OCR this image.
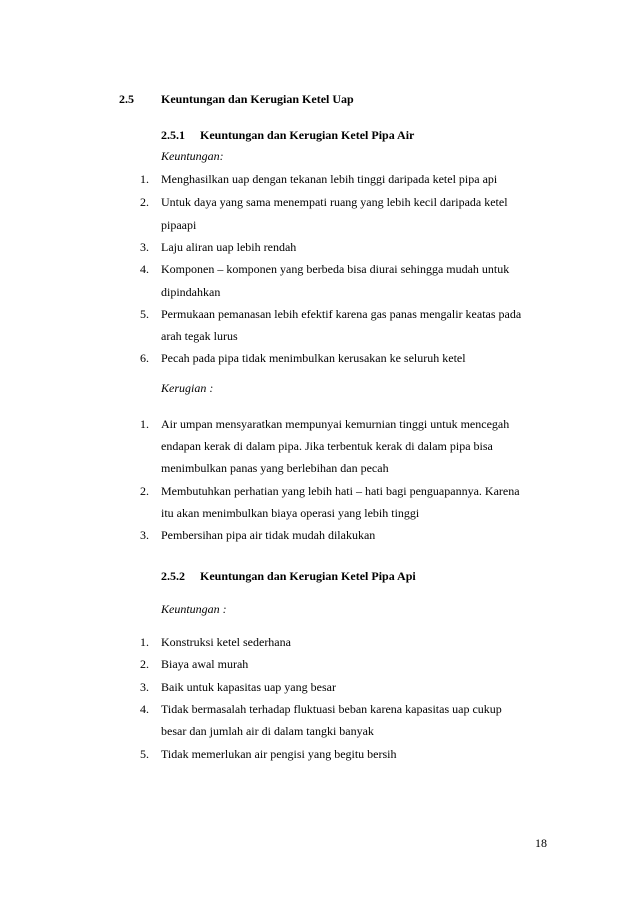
2.5 Keuntungan dan Kerugian Ketel Uap
2.5.1 Keuntungan dan Kerugian Ketel Pipa Air
Keuntungan:
1. Menghasilkan uap dengan tekanan lebih tinggi daripada ketel pipa api
2. Untuk daya yang sama menempati ruang yang lebih kecil daripada ketel
pipaapi
3. Laju aliran uap lebih rendah
4. Komponen – komponen yang berbeda bisa diurai sehingga mudah untuk
dipindahkan
5. Permukaan pemanasan lebih efektif karena gas panas mengalir keatas pada
arah tegak lurus
6. Pecah pada pipa tidak menimbulkan kerusakan ke seluruh ketel
Kerugian :
1. Air umpan mensyaratkan mempunyai kemurnian tinggi untuk mencegah
endapan kerak di dalam pipa. Jika terbentuk kerak di dalam pipa bisa
menimbulkan panas yang berlebihan dan pecah
2. Membutuhkan perhatian yang lebih hati – hati bagi penguapannya. Karena
itu akan menimbulkan biaya operasi yang lebih tinggi
3. Pembersihan pipa air tidak mudah dilakukan
2.5.2 Keuntungan dan Kerugian Ketel Pipa Api
Keuntungan :
1. Konstruksi ketel sederhana
2. Biaya awal murah
3. Baik untuk kapasitas uap yang besar
4. Tidak bermasalah terhadap fluktuasi beban karena kapasitas uap cukup
besar dan jumlah air di dalam tangki banyak
5. Tidak memerlukan air pengisi yang begitu bersih
18
